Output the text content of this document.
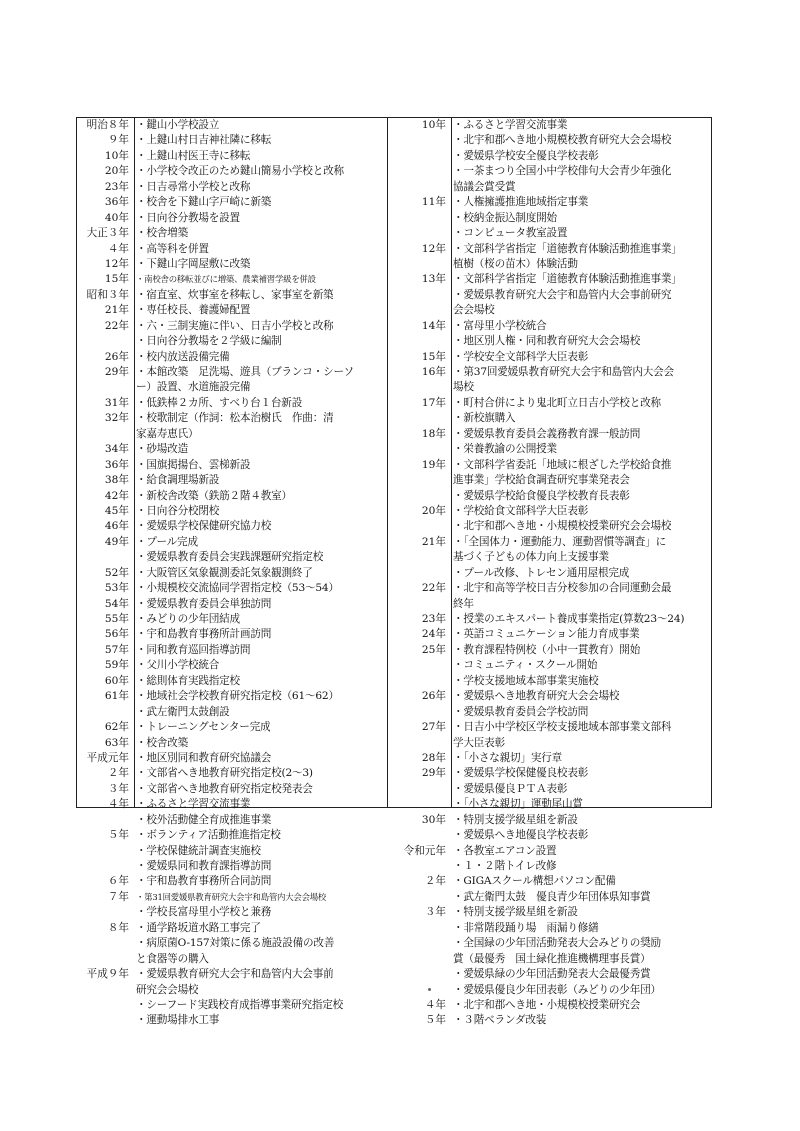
明治８年 ・鍵山小学校設立
９年 ・上鍵山村日吉神社隣に移転
10年 ・上鍵山村医王寺に移転
20年 ・小学校令改正のため鍵山簡易小学校と改称
23年 ・日吉尋常小学校と改称
36年 ・校舎を下鍵山字戸崎に新築
40年 ・日向谷分教場を設置
大正３年 ・校舎増築
４年 ・高等科を併置
12年 ・下鍵山字岡屋敷に改築
15年 ・南校舎の移転並びに増築、農業補習学級を併設
昭和３年 ・宿直室、炊事室を移転し、家事室を新築
21年 ・専任校長、養護婦配置
22年 ・六・三制実施に伴い、日吉小学校と改称
・日向谷分教場を２学級に編制
26年 ・校内放送設備完備
29年 ・本館改築　足洗場、遊具（ブランコ・シーソ
ー）設置、水道施設完備
31年 ・低鉄棒２カ所、すべり台１台新設
32年 ・校歌制定（作詞：松本治樹氏　作曲：清
家嘉寿恵氏）
34年 ・砂場改造
36年 ・国旗掲揚台、雲梯新設
38年 ・給食調理場新設
42年 ・新校舎改築（鉄筋２階４教室）
45年 ・日向谷分校閉校
46年 ・愛媛県学校保健研究協力校
49年 ・プール完成
・愛媛県教育委員会実践課題研究指定校
52年 ・大阪管区気象観測委託気象観測終了
53年 ・小規模校交流協同学習指定校（53～54）
54年 ・愛媛県教育委員会単独訪問
55年 ・みどりの少年団結成
56年 ・宇和島教育事務所計画訪問
57年 ・同和教育巡回指導訪問
59年 ・父川小学校統合
60年 ・総則体育実践指定校
61年 ・地域社会学校教育研究指定校（61～62）
・武左衛門太鼓創設
62年 ・トレーニングセンター完成
63年 ・校舎改築
平成元年 ・地区別同和教育研究協議会
２年 ・文部省へき地教育研究指定校(2～3)
３年 ・文部省へき地教育研究指定校発表会
４年 ・ふるさと学習交流事業
・校外活動健全育成推進事業
５年 ・ボランティア活動推進指定校
・学校保健統計調査実施校
・愛媛県同和教育課指導訪問
６年 ・宇和島教育事務所合同訪問
７年 ・第31回愛媛県教育研究大会宇和島管内大会会場校
・学校長富母里小学校と兼務
８年 ・通学路坂道水路工事完了
・病原菌O-157対策に係る施設設備の改善
と食器等の購入
平成９年 ・愛媛県教育研究大会宇和島管内大会事前
研究会会場校
・シーフード実践校育成指導事業研究指定校
・運動場排水工事
10年 ・ふるさと学習交流事業
・北宇和郡へき地小規模校教育研究大会会場校
・愛媛県学校安全優良学校表彰
・一茶まつり全国小中学校俳句大会青少年強化
協議会賞受賞
11年 ・人権擁護推進地域指定事業
・校納金振込制度開始
・コンピュータ教室設置
12年 ・文部科学省指定「道徳教育体験活動推進事業」
植樹（桜の苗木）体験活動
13年 ・文部科学省指定「道徳教育体験活動推進事業」
・愛媛県教育研究大会宇和島管内大会事前研究
会会場校
14年 ・富母里小学校統合
・地区別人権・同和教育研究大会会場校
15年 ・学校安全文部科学大臣表彰
16年 ・第37回愛媛県教育研究大会宇和島管内大会会
場校
17年 ・町村合併により鬼北町立日吉小学校と改称
・新校旗購入
18年 ・愛媛県教育委員会義務教育課一般訪問
・栄養教諭の公開授業
19年 ・文部科学省委託「地域に根ざした学校給食推
進事業」学校給食調査研究事業発表会
・愛媛県学校給食優良学校教育長表彰
20年 ・学校給食文部科学大臣表彰
・北宇和郡へき地・小規模校授業研究会会場校
21年 ・「全国体力・運動能力、運動習慣等調査」に
基づく子どもの体力向上支援事業
・プール改修、トレセン通用屋根完成
22年 ・北宇和高等学校日吉分校参加の合同運動会最
終年
23年 ・授業のエキスパート養成事業指定(算数23～24)
24年 ・英語コミュニケーション能力育成事業
25年 ・教育課程特例校（小中一貫教育）開始
・コミュニティ・スクール開始
・学校支援地域本部事業実施校
26年 ・愛媛県へき地教育研究大会会場校
・愛媛県教育委員会学校訪問
27年 ・日吉小中学校区学校支援地域本部事業文部科
学大臣表彰
28年 ・「小さな親切」実行章
29年 ・愛媛県学校保健優良校表彰
・愛媛県優良ＰＴＡ表彰
・「小さな親切」運動尾山賞
30年 ・特別支援学級星組を新設
・愛媛県へき地優良学校表彰
令和元年 ・各教室エアコン設置
・１・２階トイレ改修
２年 ・GIGAスクール構想パソコン配備
・武左衛門太鼓　優良青少年団体県知事賞
３年 ・特別支援学級星組を新設
・非常階段踊り場　雨漏り修繕
・全国緑の少年団活動発表大会みどりの奨励
賞（最優秀　国土緑化推進機構理事長賞）
・愛媛県緑の少年団活動発表大会最優秀賞
・愛媛県優良少年団表彰（みどりの少年団）
４年 ・北宇和郡へき地・小規模校授業研究会
５年 ・３階ベランダ改装
